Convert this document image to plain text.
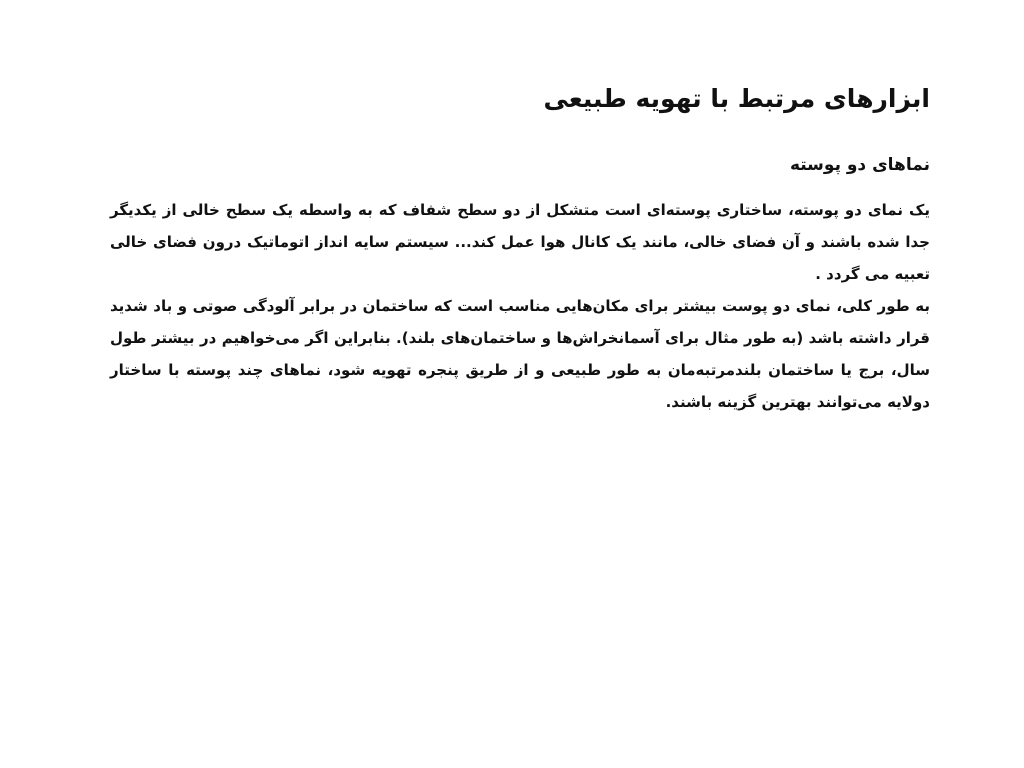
ابزارهای مرتبط با تهویه طبیعی
نماهای دو پوسته

یک نمای دو پوسته، ساختاری پوسته‌ای است متشکل از دو سطح شفاف که به واسطه یک سطح خالی از یکدیگر جدا شده باشند و آن فضای خالی، مانند یک کانال هوا عمل کند... سیستم سایه انداز اتوماتیک درون فضای خالی تعبیه می گردد .

به طور کلی، نمای دو پوست بیشتر برای مکان‌هایی مناسب است که ساختمان در برابر آلودگی صوتی و باد شدید قرار داشته باشد (به طور مثال برای آسمانخراش‌ها و ساختمان‌های بلند). بنابراین اگر می‌خواهیم در بیشتر طول سال، برج یا ساختمان بلندمرتبه‌مان به طور طبیعی و از طریق پنجره تهویه شود، نماهای چند پوسته با ساختار دولایه می‌توانند بهترین گزینه باشند.
